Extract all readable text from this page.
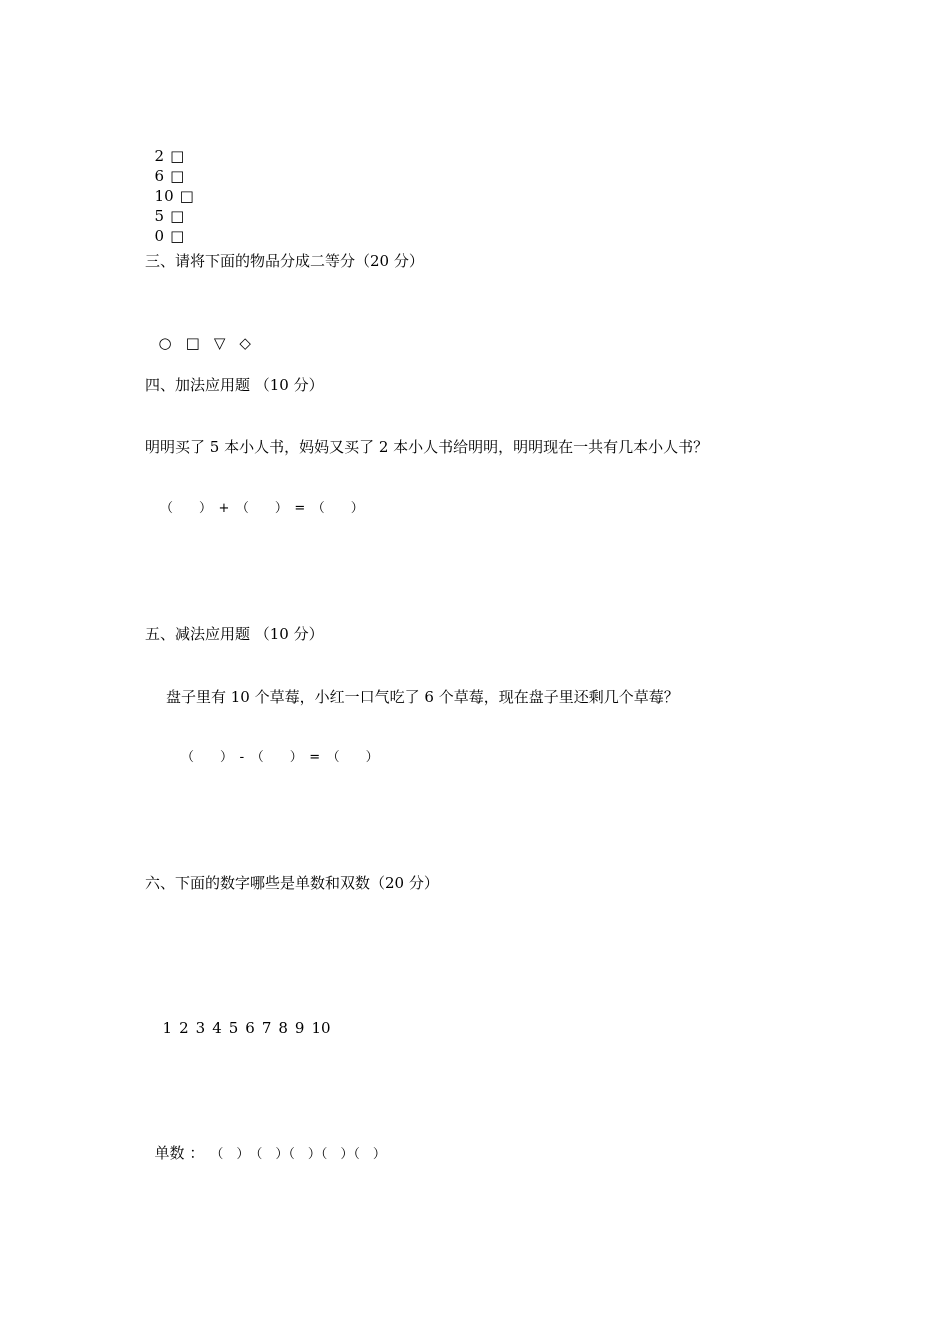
2 □
6 □
10 □
5 □
0 □

三、请将下面的物品分成二等分（20 分）

○ □ ▽ ◇

四、加法应用题 （10 分）
明明买了 5 本小人书，妈妈又买了 2 本小人书给明明，明明现在一共有几本小人书？
（　　）　+　（　　）　=　（　　）
五、减法应用题 （10 分）
盘子里有 10 个草莓，小红一口气吃了 6 个草莓，现在盘子里还剩几个草莓？
（　　）　-　（　　）　=　（　　）
六、下面的数字哪些是单数和双数（20 分）

1 2 3 4 5 6 7 8 9 10

单数 ： （　）　（　）（　）（　）（　）
